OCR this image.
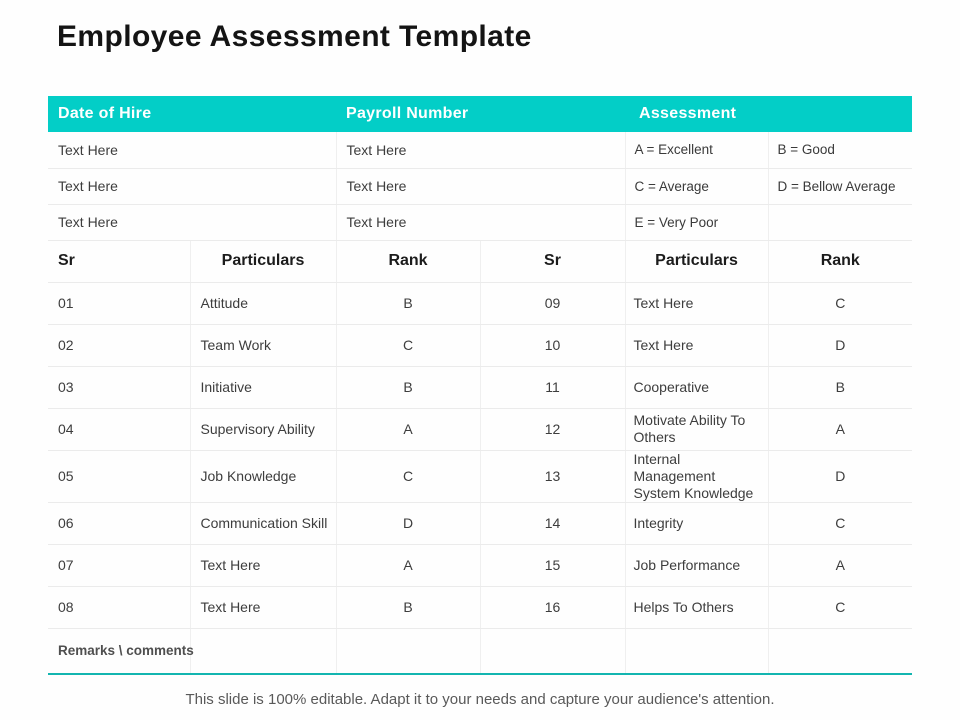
Employee Assessment Template
Date of Hire		Payroll Number		Assessment	
Text Here		Text Here		A = Excellent	B = Good
Text Here		Text Here		C = Average	D = Bellow Average
Text Here		Text Here		E = Very Poor	
Sr	Particulars	Rank	Sr	Particulars	Rank
01	Attitude	B	09	Text Here	C
02	Team Work	C	10	Text Here	D
03	Initiative	B	11	Cooperative	B
04	Supervisory Ability	A	12	Motivate Ability To Others	A
05	Job Knowledge	C	13	Internal Management System Knowledge	D
06	Communication Skill	D	14	Integrity	C
07	Text Here	A	15	Job Performance	A
08	Text Here	B	16	Helps To Others	C
Remarks \ comments					
This slide is 100% editable. Adapt it to your needs and capture your audience's attention.
